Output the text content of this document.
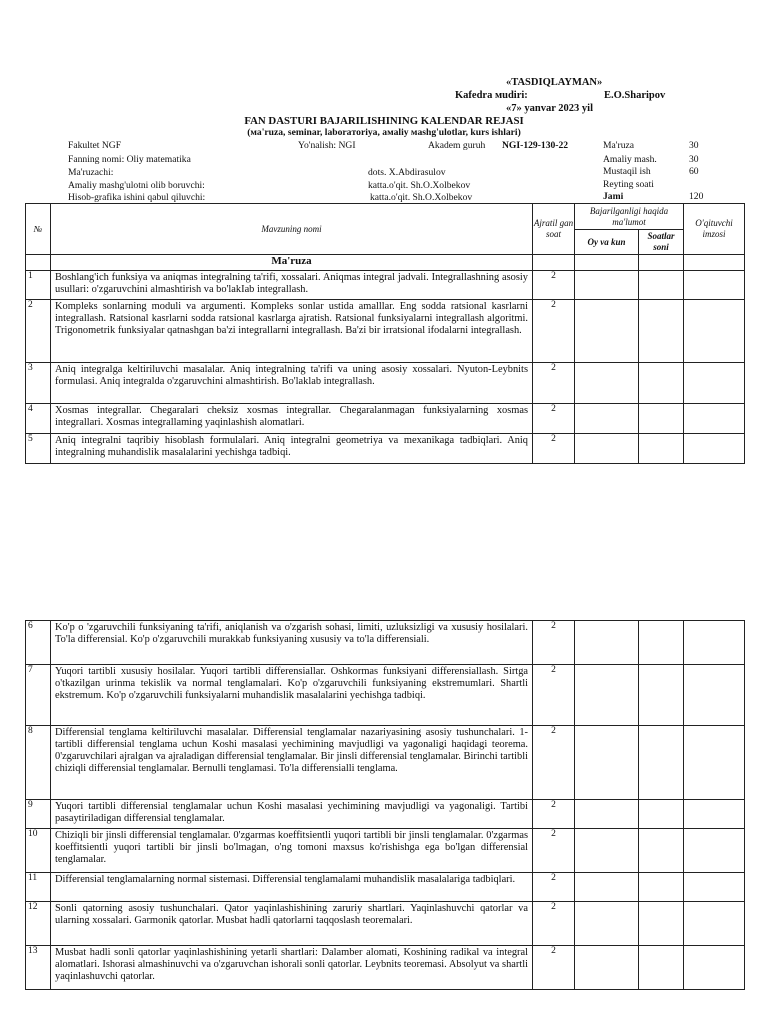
«TASDIQLAYMAN»
Kafedra мudiri:	E.O.Sharipov
«7» yanvar 2023 yil
FAN DASTURI BAJARILISHINING KALENDAR REJASI
(мa'ruza, seminar, laboraтoriya, aмaliy мashg'ulotlar, kurs ishlari)
Fakultet NGF	Yo'nalish: NGI	Akadem guruh NGI-129-130-22
Fanning nomi: Oliy matematika
Ma'ruzachi:	dots. X.Abdirasulov
Amaliy mashg'ulotni olib boruvchi:	katta.o'qit. Sh.O.Xolbekov
Hisob-grafika ishini qabul qiluvchi:	katta.o'qit. Sh.O.Xolbekov
Ma'ruza	30
Amaliy mash.	30
Mustaqil ish	60
Reyting soati
Jami	120
№	Mavzuning nomi	Ajratil gan soat	Bajarilganligi haqida ma'lumot		O'qituvchi imzosi
			Oy va kun	Soatlar soni	
	Ma'ruza				
1	Boshlang'ich funksiya va aniqmas integralning ta'rifi, xossalari. Aniqmas integral jadvali. Integrallashning asosiy usullari: o'zgaruvchini almashtirish va bo'lakIab integrallash.	2			
2	Kompleks sonlarning moduli va argumenti. Kompleks sonlar ustida amalllar. Eng sodda ratsional kasrlarni integrallash. Ratsional kasrlarni sodda ratsional kasrlarga ajratish. Ratsional funksiyalarni integrallash algoritmi. Trigonometrik funksiyalar qatnashgan ba'zi integrallarni integrallash. Ba'zi bir irratsional ifodalarni integrallash.	2			
3	Aniq integralga keltiriluvchi masalalar. Aniq integralning ta'rifi va uning asosiy xossalari. Nyuton-Leybnits formulasi. Aniq integralda o'zgaruvchini almashtirish. Bo'laklab integrallash.	2			
4	Xosmas integrallar. Chegaralari cheksiz xosmas integrallar. Chegaralanmagan funksiyalarning xosmas integrallari. Xosmas integrallaming yaqinlashish alomatlari.	2			
5	Aniq integralni taqribiy hisoblash formulalari. Aniq integralni geometriya va mexanikaga tadbiqlari. Aniq integralning muhandislik masalalarini yechishga tadbiqi.	2			
6	Ko'p o 'zgaruvchili funksiyaning ta'rifi, aniqlanish va o'zgarish sohasi, limiti, uzluksizligi va xususiy hosilalari. To'la differensial. Ko'p o'zgaruvchili murakkab funksiyaning xususiy va to'la differensiali.	2			
7	Yuqori tartibli xususiy hosilalar. Yuqori tartibli differensiallar. Oshkormas funksiyani differensiallash. Sirtga o'tkazilgan urinma tekislik va normal tenglamalari. Ko'p o'zgaruvchili funksiyaning ekstremumlari. Shartli ekstremum. Ko'p o'zgaruvchili funksiyalarni muhandislik masalalarini yechishga tadbiqi.	2			
8	Differensial tenglama keltiriluvchi masalalar. Differensial tenglamalar nazariyasining asosiy tushunchalari. 1-tartibli differensial tenglama uchun Koshi masalasi yechimining mavjudligi va yagonaligi haqidagi teorema. 0'zgaruvchilari ajralgan va ajraladigan differensial tenglamalar. Bir jinsli differensial tenglamalar. Birinchi tartibli chiziqli differensial tenglamalar. Bernulli tenglamasi. To'la differensialli tenglama.	2			
9	Yuqori tartibli differensial tenglamalar uchun Koshi masalasi yechimining mavjudligi va yagonaligi. Tartibi pasaytiriladigan differensial tenglamalar.	2			
10	Chiziqli bir jinsli differensial tenglamalar. 0'zgarmas koeffitsientli yuqori tartibli bir jinsli tenglamalar. 0'zgarmas koeffitsientli yuqori tartibli bir jinsli bo'lmagan, o'ng tomoni maxsus ko'rishishga ega bo'lgan differensial tenglamalar.	2			
11	Differensial tenglamalarning normal sistemasi. Differensial tenglamalami muhandislik masalalariga tadbiqlari.	2			
12	Sonli qatorning asosiy tushunchalari. Qator yaqinlashishining zaruriy shartlari. Yaqinlashuvchi qatorlar va ularning xossalari. Garmonik qatorlar. Musbat hadli qatorlarni taqqoslash teoremalari.	2			
13	Musbat hadli sonli qatorlar yaqinlashishining yetarli shartlari: Dalamber alomati, Koshining radikal va integral alomatlari. Ishorasi almashinuvchi va o'zgaruvchan ishorali sonli qatorlar. Leybnits teoremasi. Absolyut va shartli yaqinlashuvchi qatorlar.	2			
